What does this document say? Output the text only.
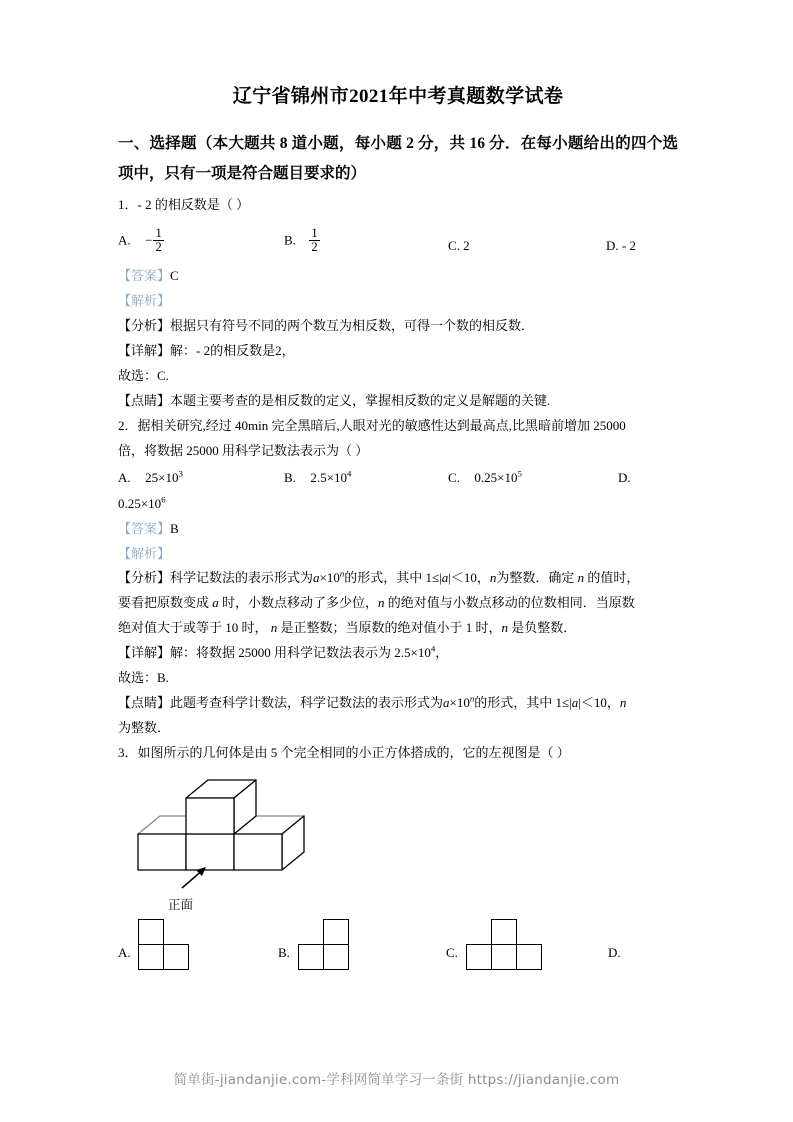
辽宁省锦州市2021年中考真题数学试卷
一、选择题（本大题共 8 道小题，每小题 2 分，共 16 分．在每小题给出的四个选项中，只有一项是符合题目要求的）
1．- 2 的相反数是（ ）
A. − $\frac{1}{2}$	B. $\frac{1}{2}$	C. 2	D. - 2
【答案】C
【解析】
【分析】根据只有符号不同的两个数互为相反数，可得一个数的相反数．
【详解】解：- 2的相反数是2，
故选：C.
【点睛】本题主要考查的是相反数的定义，掌握相反数的定义是解题的关键.
2．据相关研究,经过 40min 完全黑暗后,人眼对光的敏感性达到最高点,比黑暗前增加 25000
倍，将数据 25000 用科学记数法表示为（ ）
A. $25\times 10^3$	B. $2.5\times 10^4$	C. $0.25\times 10^5$	D.
$0.25\times 10^6$
【答案】B
【解析】
【分析】科学记数法的表示形式为$a\times 10^n$的形式，其中 1≤|a|＜10，n为整数．确定 n 的值时，
要看把原数变成 a 时，小数点移动了多少位，n 的绝对值与小数点移动的位数相同．当原数
绝对值大于或等于 10 时， n 是正整数；当原数的绝对值小于 1 时，n 是负整数．
【详解】解：将数据 25000 用科学记数法表示为 $2.5\times 10^4$，
故选：B.
【点睛】此题考查科学计数法，科学记数法的表示形式为$a\times 10^n$的形式，其中 1≤|a|＜10，n
为整数．
3．如图所示的几何体是由 5 个完全相同的小正方体搭成的，它的左视图是（ ）
正面
A.	B.	C.	D.
简单街-jiandanjie.com-学科网简单学习一条街 https://jiandanjie.com
